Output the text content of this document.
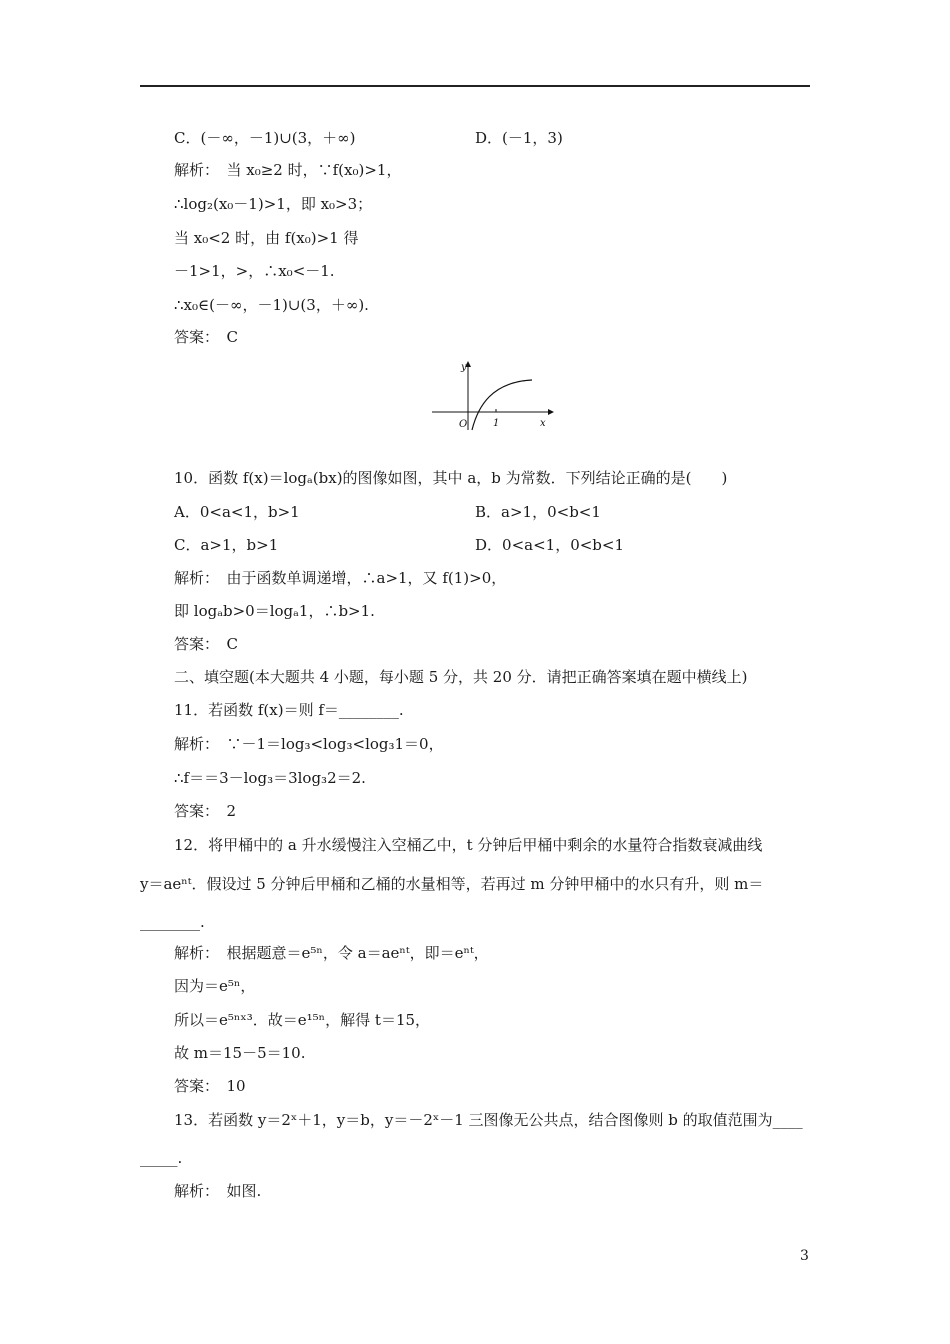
C．(－∞，－1)∪(3，＋∞)	D．(－1，3)
解析：　当 x₀≥2 时，∵f(x₀)>1，
∴log₂(x₀－1)>1，即 x₀>3；
当 x₀<2 时，由 f(x₀)>1 得
－1>1，>，∴x₀<－1.
∴x₀∈(－∞，－1)∪(3，＋∞).
答案：　C
y
x
O	1
10．函数 f(x)＝logₐ(bx)的图像如图，其中 a，b 为常数．下列结论正确的是(　　)
A．0<a<1，b>1	B．a>1，0<b<1
C．a>1，b>1	D．0<a<1，0<b<1
解析：　由于函数单调递增，∴a>1，又 f(1)>0，
即 logₐb>0＝logₐ1，∴b>1.
答案：　C
二、填空题(本大题共 4 小题，每小题 5 分，共 20 分．请把正确答案填在题中横线上)
11．若函数 f(x)＝则 f＝________.
解析：　∵－1＝log₃<log₃<log₃1＝0，
∴f＝＝3－log₃＝3log₃2＝2.
答案：　2
12．将甲桶中的 a 升水缓慢注入空桶乙中，t 分钟后甲桶中剩余的水量符合指数衰减曲线
y＝aeⁿᵗ．假设过 5 分钟后甲桶和乙桶的水量相等，若再过 m 分钟甲桶中的水只有升，则 m＝
________.
解析：　根据题意＝e⁵ⁿ，令 a＝aeⁿᵗ，即＝eⁿᵗ，
因为＝e⁵ⁿ，
所以＝e⁵ⁿˣ³．故＝e¹⁵ⁿ，解得 t＝15，
故 m＝15－5＝10.
答案：　10
13．若函数 y＝2ˣ＋1，y＝b，y＝－2ˣ－1 三图像无公共点，结合图像则 b 的取值范围为____
_____.
解析：　如图.
3
